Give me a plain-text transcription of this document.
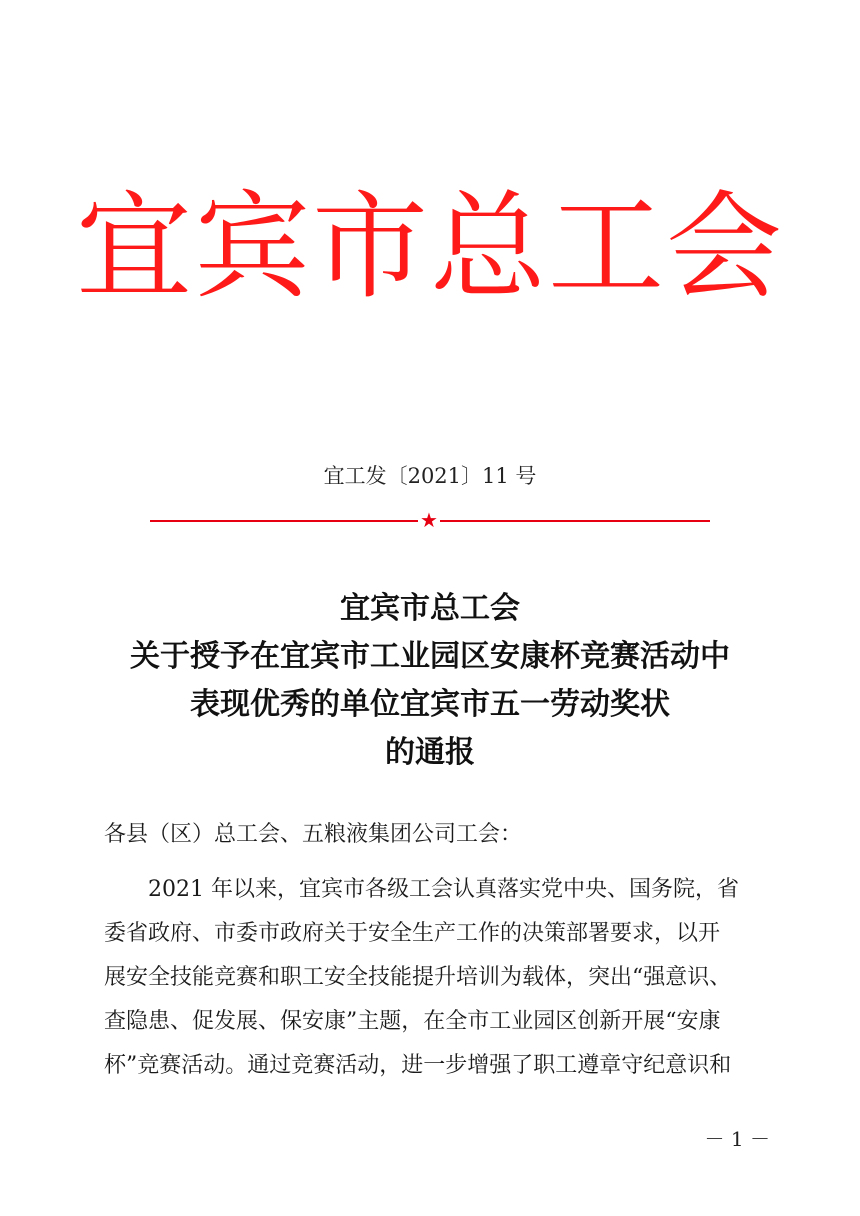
宜宾市总工会
宜工发〔2021〕11 号
★
宜宾市总工会
关于授予在宜宾市工业园区安康杯竞赛活动中
表现优秀的单位宜宾市五一劳动奖状
的通报
各县（区）总工会、五粮液集团公司工会：
　　2021 年以来，宜宾市各级工会认真落实党中央、国务院，省
委省政府、市委市政府关于安全生产工作的决策部署要求，以开
展安全技能竞赛和职工安全技能提升培训为载体，突出“强意识、
查隐患、促发展、保安康”主题，在全市工业园区创新开展“安康
杯”竞赛活动。通过竞赛活动，进一步增强了职工遵章守纪意识和
－ 1 －
